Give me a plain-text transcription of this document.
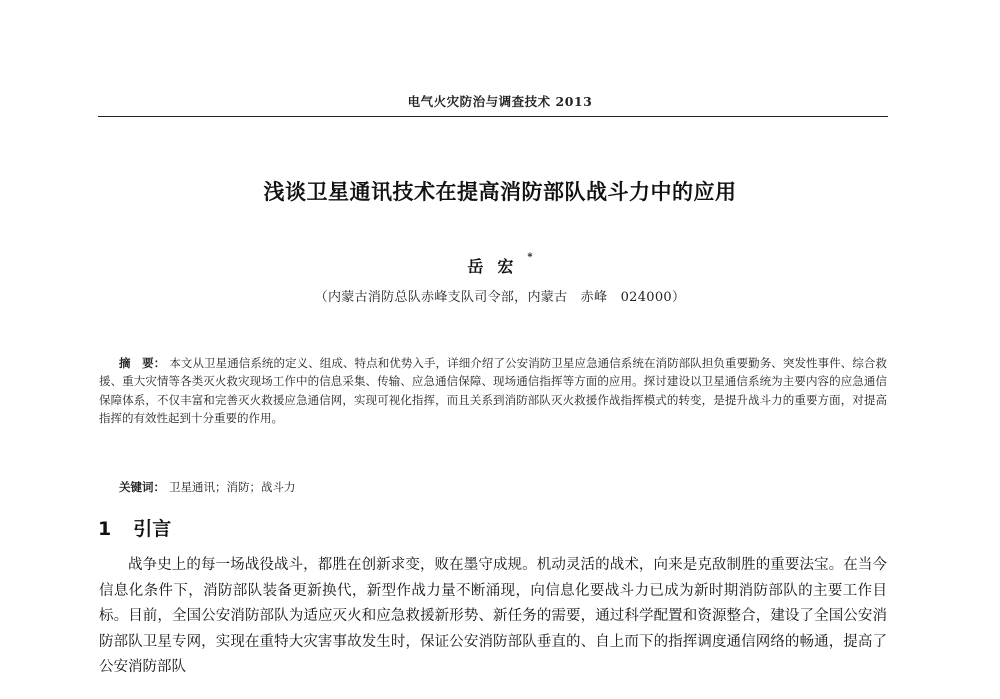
电气火灾防治与调查技术 2013
浅谈卫星通讯技术在提高消防部队战斗力中的应用
岳宏*
（内蒙古消防总队赤峰支队司令部，内蒙古　赤峰　024000）

摘　要： 本文从卫星通信系统的定义、组成、特点和优势入手，详细介绍了公安消防卫星应急通信系统在消防部队担负重要勤务、突发性事件、综合救援、重大灾情等各类灭火救灾现场工作中的信息采集、传输、应急通信保障、现场通信指挥等方面的应用。探讨建设以卫星通信系统为主要内容的应急通信保障体系，不仅丰富和完善灭火救援应急通信网，实现可视化指挥，而且关系到消防部队灭火救援作战指挥模式的转变，是提升战斗力的重要方面，对提高指挥的有效性起到十分重要的作用。

关键词： 卫星通讯；消防；战斗力

1 引言

战争史上的每一场战役战斗，都胜在创新求变，败在墨守成规。机动灵活的战术，向来是克敌制胜的重要法宝。在当今信息化条件下，消防部队装备更新换代，新型作战力量不断涌现，向信息化要战斗力已成为新时期消防部队的主要工作目标。目前，全国公安消防部队为适应灭火和应急救援新形势、新任务的需要，通过科学配置和资源整合，建设了全国公安消防部队卫星专网，实现在重特大灾害事故发生时，保证公安消防部队垂直的、自上而下的指挥调度通信网络的畅通，提高了公安消防部队
